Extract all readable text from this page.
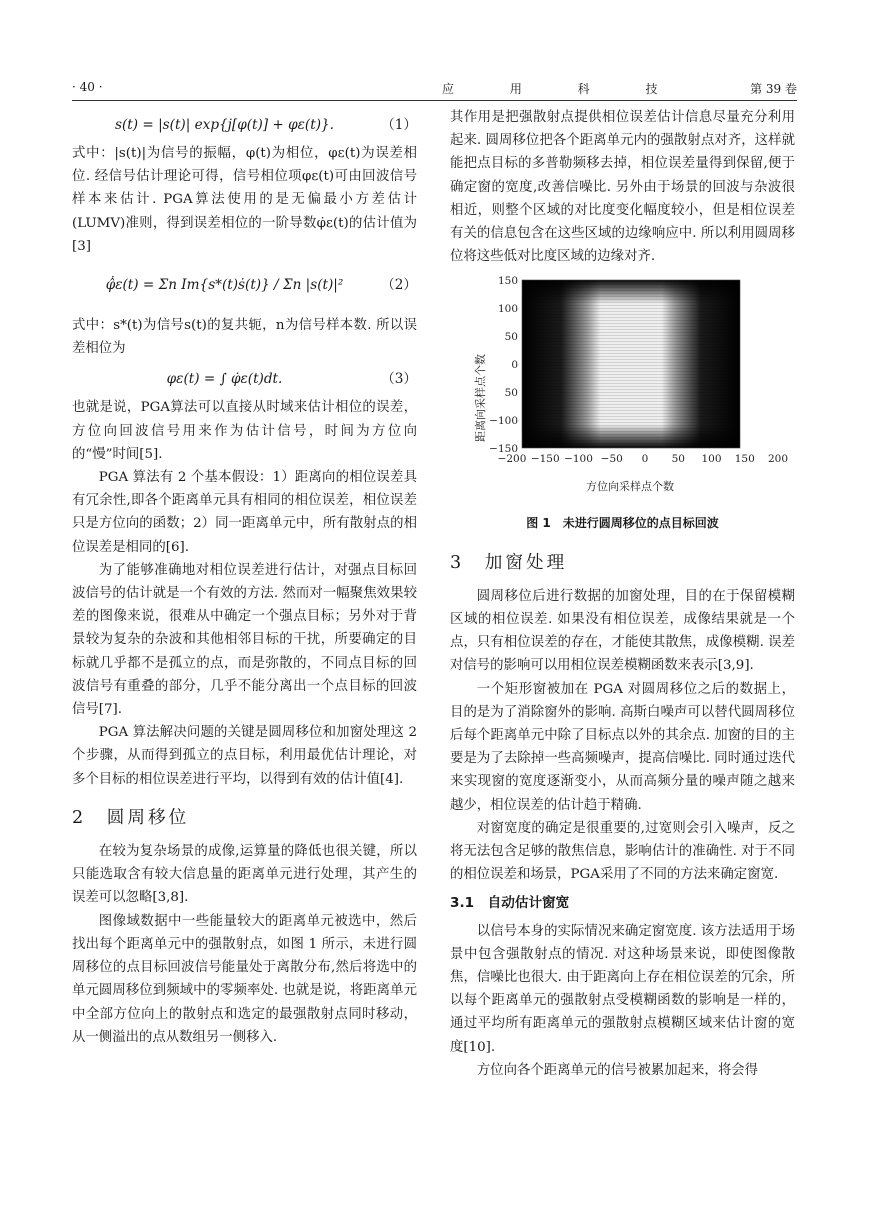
· 40 ·	应 用 科 技	第 39 卷
s(t) = |s(t)| exp{j[φ(t)] + φε(t)}.	（1）

式中：|s(t)|为信号的振幅，φ(t)为相位，φε(t)为误差相位. 经信号估计理论可得，信号相位项φε(t)可由回波信号样本来估计. PGA算法使用的是无偏最小方差估计(LUMV)准则，得到误差相位的一阶导数φ̇ε(t)的估计值为[3]

φ̂̇ε(t) = Σn Im{s*(t)ṡ(t)} / Σn |s(t)|²	（2）

式中：s*(t)为信号s(t)的复共轭，n为信号样本数. 所以误差相位为

φε(t) = ∫ φ̇ε(t)dt.	（3）

也就是说，PGA算法可以直接从时域来估计相位的误差，方位向回波信号用来作为估计信号，时间为方位向的“慢”时间[5].

PGA 算法有 2 个基本假设：1）距离向的相位误差具有冗余性,即各个距离单元具有相同的相位误差，相位误差只是方位向的函数；2）同一距离单元中，所有散射点的相位误差是相同的[6].

为了能够准确地对相位误差进行估计，对强点目标回波信号的估计就是一个有效的方法. 然而对一幅聚焦效果较差的图像来说，很难从中确定一个强点目标；另外对于背景较为复杂的杂波和其他相邻目标的干扰，所要确定的目标就几乎都不是孤立的点，而是弥散的，不同点目标的回波信号有重叠的部分，几乎不能分离出一个点目标的回波信号[7].

PGA 算法解决问题的关键是圆周移位和加窗处理这 2 个步骤，从而得到孤立的点目标，利用最优估计理论，对多个目标的相位误差进行平均，以得到有效的估计值[4].

2　圆周移位

在较为复杂场景的成像,运算量的降低也很关键，所以只能选取含有较大信息量的距离单元进行处理，其产生的误差可以忽略[3,8].

图像域数据中一些能量较大的距离单元被选中，然后找出每个距离单元中的强散射点，如图 1 所示，未进行圆周移位的点目标回波信号能量处于离散分布,然后将选中的单元圆周移位到频域中的零频率处. 也就是说，将距离单元中全部方位向上的散射点和选定的最强散射点同时移动，从一侧溢出的点从数组另一侧移入.

其作用是把强散射点提供相位误差估计信息尽量充分利用起来. 圆周移位把各个距离单元内的强散射点对齐，这样就能把点目标的多普勒频移去掉，相位误差量得到保留,便于确定窗的宽度,改善信噪比. 另外由于场景的回波与杂波很相近，则整个区域的对比度变化幅度较小，但是相位误差有关的信息包含在这些区域的边缘响应中. 所以利用圆周移位将这些低对比度区域的边缘对齐.

−200 −150 −100 −50 0 50 100 150 200
150
100
50
0
50
−100
−150
距离向采样点个数
方位向采样点个数
图 1　未进行圆周移位的点目标回波
3　加窗处理

圆周移位后进行数据的加窗处理，目的在于保留模糊区域的相位误差. 如果没有相位误差，成像结果就是一个点，只有相位误差的存在，才能使其散焦，成像模糊. 误差对信号的影响可以用相位误差模糊函数来表示[3,9].

一个矩形窗被加在 PGA 对圆周移位之后的数据上，目的是为了消除窗外的影响. 高斯白噪声可以替代圆周移位后每个距离单元中除了目标点以外的其余点. 加窗的目的主要是为了去除掉一些高频噪声，提高信噪比. 同时通过迭代来实现窗的宽度逐渐变小，从而高频分量的噪声随之越来越少，相位误差的估计趋于精确.

对窗宽度的确定是很重要的,过宽则会引入噪声，反之将无法包含足够的散焦信息，影响估计的准确性. 对于不同的相位误差和场景，PGA采用了不同的方法来确定窗宽.

3.1　自动估计窗宽

以信号本身的实际情况来确定窗宽度. 该方法适用于场景中包含强散射点的情况. 对这种场景来说，即使图像散焦，信噪比也很大. 由于距离向上存在相位误差的冗余，所以每个距离单元的强散射点受模糊函数的影响是一样的，通过平均所有距离单元的强散射点模糊区域来估计窗的宽度[10].

方位向各个距离单元的信号被累加起来，将会得
